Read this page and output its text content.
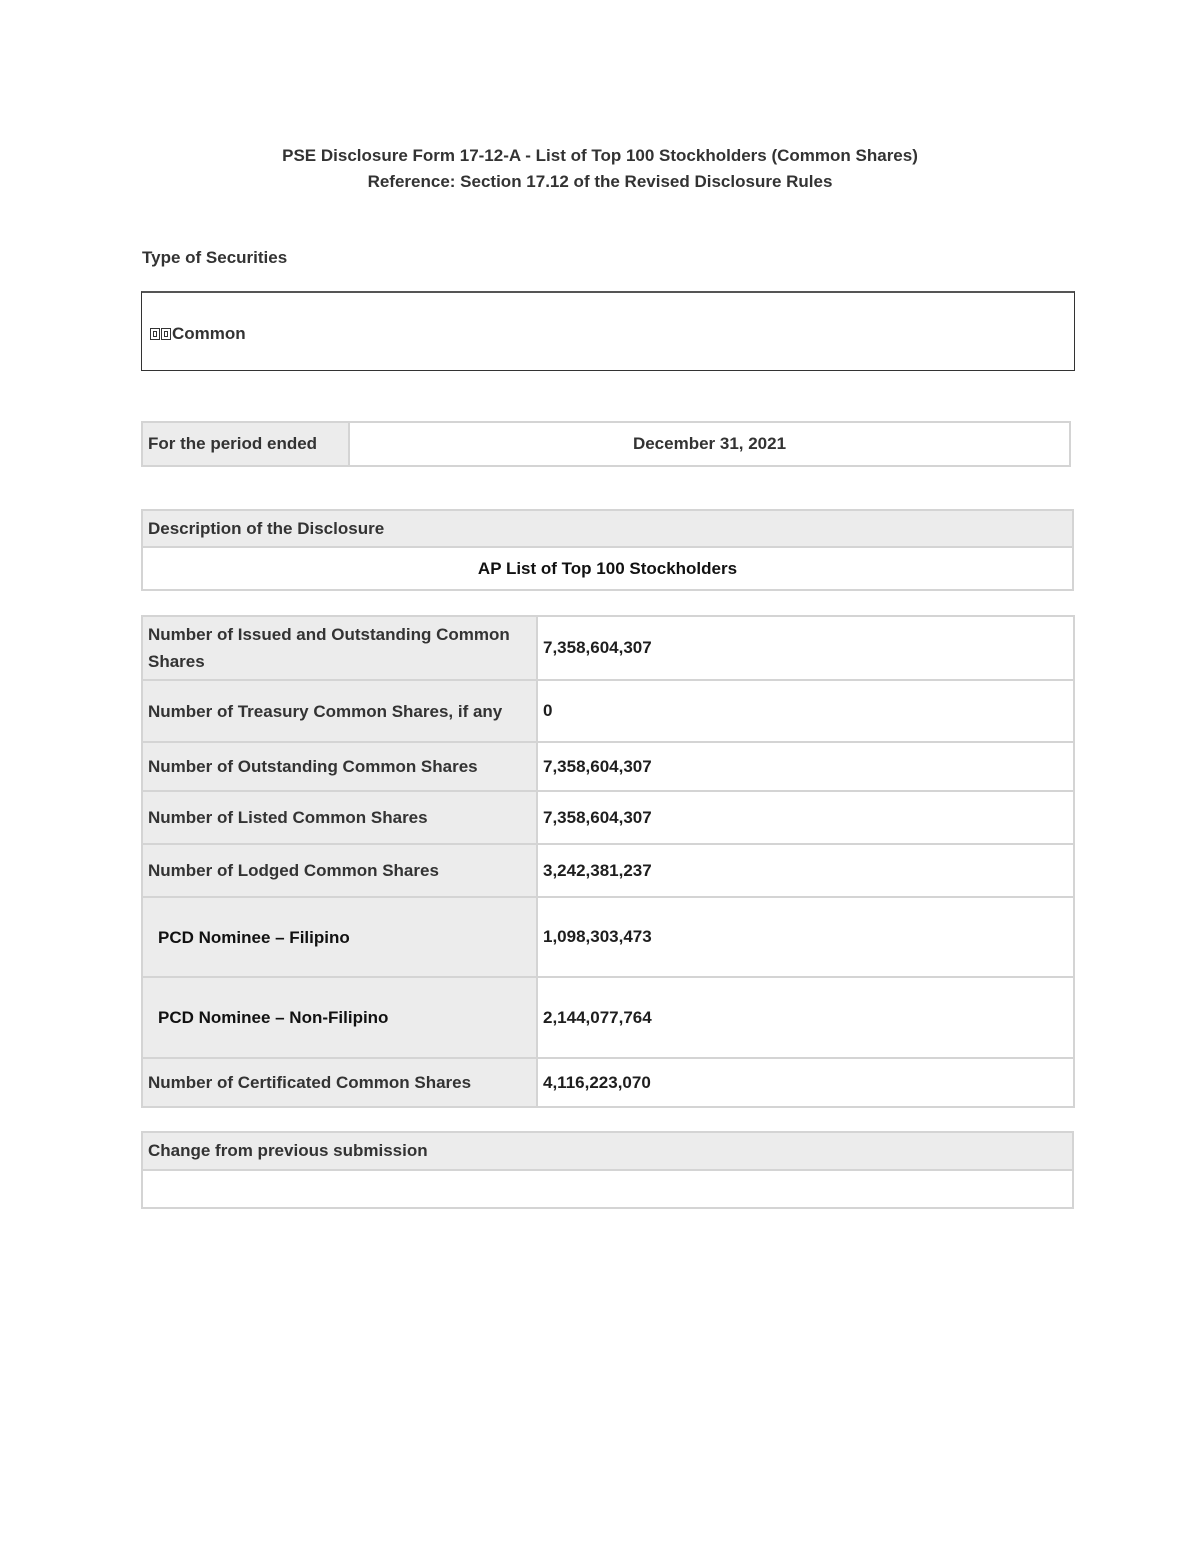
PSE Disclosure Form 17-12-A - List of Top 100 Stockholders (Common Shares)
Reference: Section 17.12 of the Revised Disclosure Rules
Type of Securities
Common
For the period ended	December 31, 2021
Description of the Disclosure
AP List of Top 100 Stockholders
Number of Issued and Outstanding Common Shares	7,358,604,307
Number of Treasury Common Shares, if any	0
Number of Outstanding Common Shares	7,358,604,307
Number of Listed Common Shares	7,358,604,307
Number of Lodged Common Shares	3,242,381,237
PCD Nominee – Filipino	1,098,303,473
PCD Nominee – Non-Filipino	2,144,077,764
Number of Certificated Common Shares	4,116,223,070
Change from previous submission
